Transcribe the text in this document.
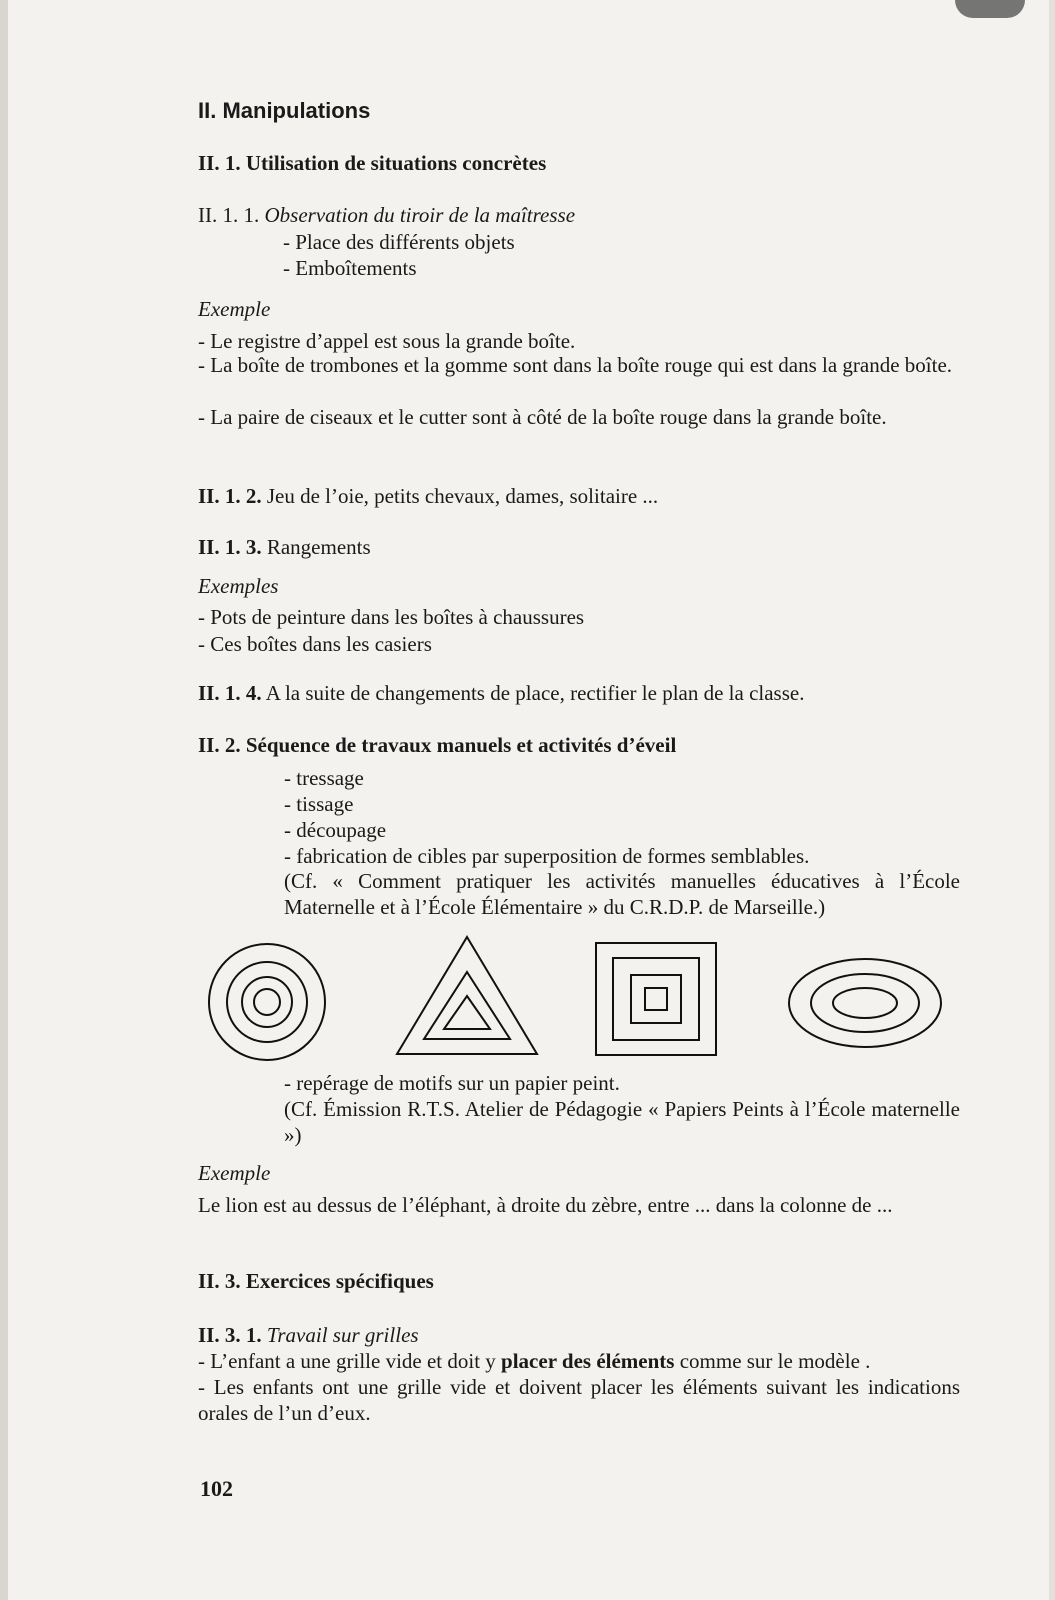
II. Manipulations
II. 1. Utilisation de situations concrètes
II. 1. 1. Observation du tiroir de la maîtresse
- Place des différents objets
- Emboîtements
Exemple
- Le registre d’appel est sous la grande boîte.
- La boîte de trombones et la gomme sont dans la boîte rouge qui est dans la grande boîte.
- La paire de ciseaux et le cutter sont à côté de la boîte rouge dans la grande boîte.
II. 1. 2. Jeu de l’oie, petits chevaux, dames, solitaire ...
II. 1. 3. Rangements
Exemples
- Pots de peinture dans les boîtes à chaussures
- Ces boîtes dans les casiers
II. 1. 4. A la suite de changements de place, rectifier le plan de la classe.
II. 2. Séquence de travaux manuels et activités d’éveil
- tressage
- tissage
- découpage
- fabrication de cibles par superposition de formes semblables.
(Cf. « Comment pratiquer les activités manuelles éducatives à l’École Maternelle et à l’École Élémentaire » du C.R.D.P. de Marseille.)
- repérage de motifs sur un papier peint.
(Cf. Émission R.T.S. Atelier de Pédagogie « Papiers Peints à l’École maternelle »)
Exemple
Le lion est au dessus de l’éléphant, à droite du zèbre, entre ... dans la colonne de ...
II. 3. Exercices spécifiques
II. 3. 1. Travail sur grilles
- L’enfant a une grille vide et doit y placer des éléments comme sur le modèle .
- Les enfants ont une grille vide et doivent placer les éléments suivant les indications orales de l’un d’eux.
102
